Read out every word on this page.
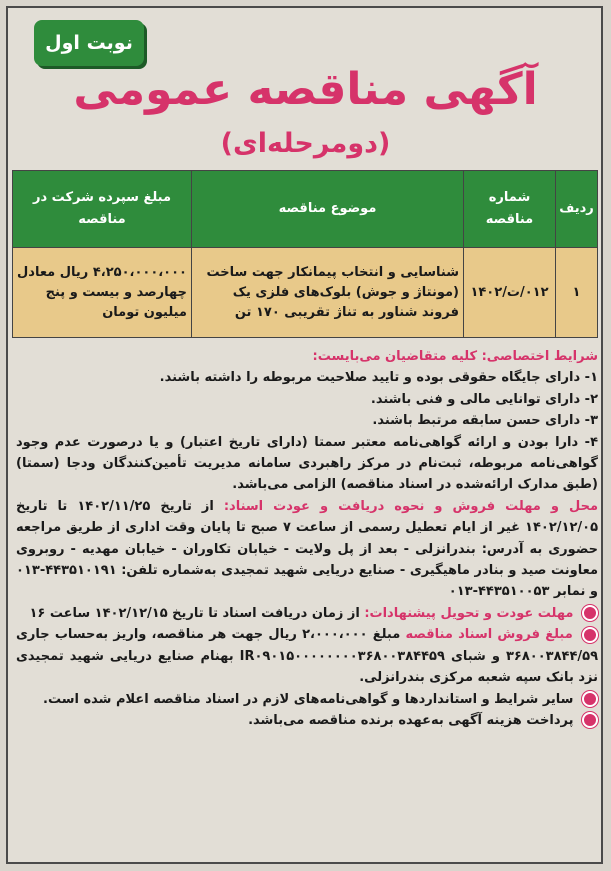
نوبت اول
آگهی مناقصه عمومی
(دومرحله‌ای)
ردیف	شماره مناقصه	موضوع مناقصه	مبلغ سپرده شرکت در مناقصه
۱	۰۱۲/ت/۱۴۰۲	شناسایی و انتخاب پیمانکار جهت ساخت (مونتاژ و جوش) بلوک‌های فلزی یک فروند شناور به تناژ تقریبی ۱۷۰ تن	۴،۲۵۰،۰۰۰،۰۰۰ ریال معادل چهارصد و بیست و پنج میلیون تومان

شرایط اختصاصی: کلیه متقاضیان می‌بایست:

۱- دارای جایگاه حقوقی بوده و تایید صلاحیت مربوطه را داشته باشند.

۲- دارای توانایی مالی و فنی باشند.

۳- دارای حسن سابقه مرتبط باشند.

۴- دارا بودن و ارائه گواهی‌نامه معتبر سمتا (دارای تاریخ اعتبار) و یا درصورت عدم وجود گواهی‌نامه مربوطه، ثبت‌نام در مرکز راهبردی سامانه مدیریت تأمین‌کنندگان ودجا (سمتا) (طبق مدارک ارائه‌شده در اسناد مناقصه) الزامی می‌باشد.

محل و مهلت فروش و نحوه دریافت و عودت اسناد: از تاریخ ۱۴۰۲/۱۱/۲۵ تا تاریخ ۱۴۰۲/۱۲/۰۵ غیر از ایام تعطیل رسمی از ساعت ۷ صبح تا پایان وقت اداری از طریق مراجعه حضوری به آدرس: بندرانزلی - بعد از پل ولایت - خیابان تکاوران - خیابان مهدیه - روبروی معاونت صید و بنادر ماهیگیری - صنایع دریایی شهید تمجیدی به‌شماره تلفن: ۴۴۳۵۱۰۱۹۱-۰۱۳ و نمابر ۴۴۳۵۱۰۰۵۳-۰۱۳

مهلت عودت و تحویل پیشنهادات: از زمان دریافت اسناد تا تاریخ ۱۴۰۲/۱۲/۱۵ ساعت ۱۶

مبلغ فروش اسناد مناقصه مبلغ ۲،۰۰۰،۰۰۰ ریال جهت هر مناقصه، واریز به‌حساب جاری ۳۶۸۰۰۳۸۴۴/۵۹ و شبای IR۰۹۰۱۵۰۰۰۰۰۰۰۰۳۶۸۰۰۳۸۴۴۵۹ بهنام صنایع دریایی شهید تمجیدی نزد بانک سپه شعبه مرکزی بندرانزلی.

سایر شرایط و استانداردها و گواهی‌نامه‌های لازم در اسناد مناقصه اعلام شده است.

پرداخت هزینه آگهی به‌عهده برنده مناقصه می‌باشد.
